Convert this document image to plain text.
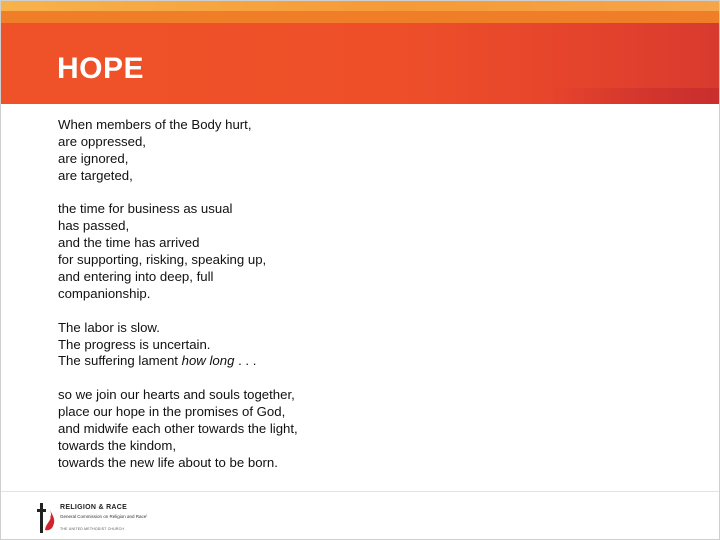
HOPE
When members of the Body hurt,
are oppressed,
are ignored,
are targeted,
the time for business as usual
has passed,
and the time has arrived
for supporting, risking, speaking up,
and entering into deep, full
companionship.
The labor is slow.
The progress is uncertain.
The suffering lament how long . . .
so we join our hearts and souls together,
place our hope in the promises of God,
and midwife each other towards the light,
towards the kindom,
towards the new life about to be born.
RELIGION & RACE
General Commission on Religion and Race
THE UNITED METHODIST CHURCH
⁝
